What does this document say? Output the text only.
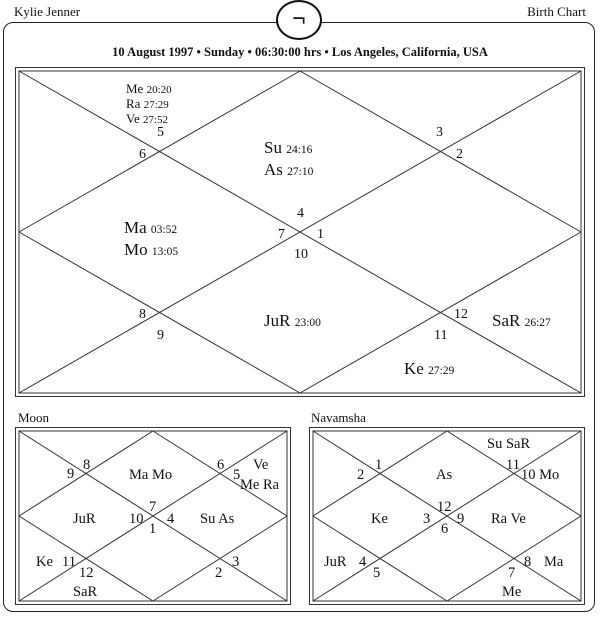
Kylie Jenner	Birth Chart
¬
10 August 1997 • Sunday • 06:30:00 hrs • Los Angeles, California, USA
5
6
3
2
4
7 1
10
8
9
12
11
Me 20:20
Ra 27:29
Ve 27:52
Su 24:16
As 27:10
Ma 03:52
Mo 13:05
JuR 23:00	SaR 26:27
Ke 27:29
Moon
9
8
Ma Mo
6
5
Ve
Me Ra
JuR
7
10
1
4 Su As
Ke 11
12
SaR
2
3
Navamsha
Su SaR
2
1
As
11
10 Mo
Ke 3
12
9
6
Ra Ve
JuR 4
5
8 Ma
7
Me
